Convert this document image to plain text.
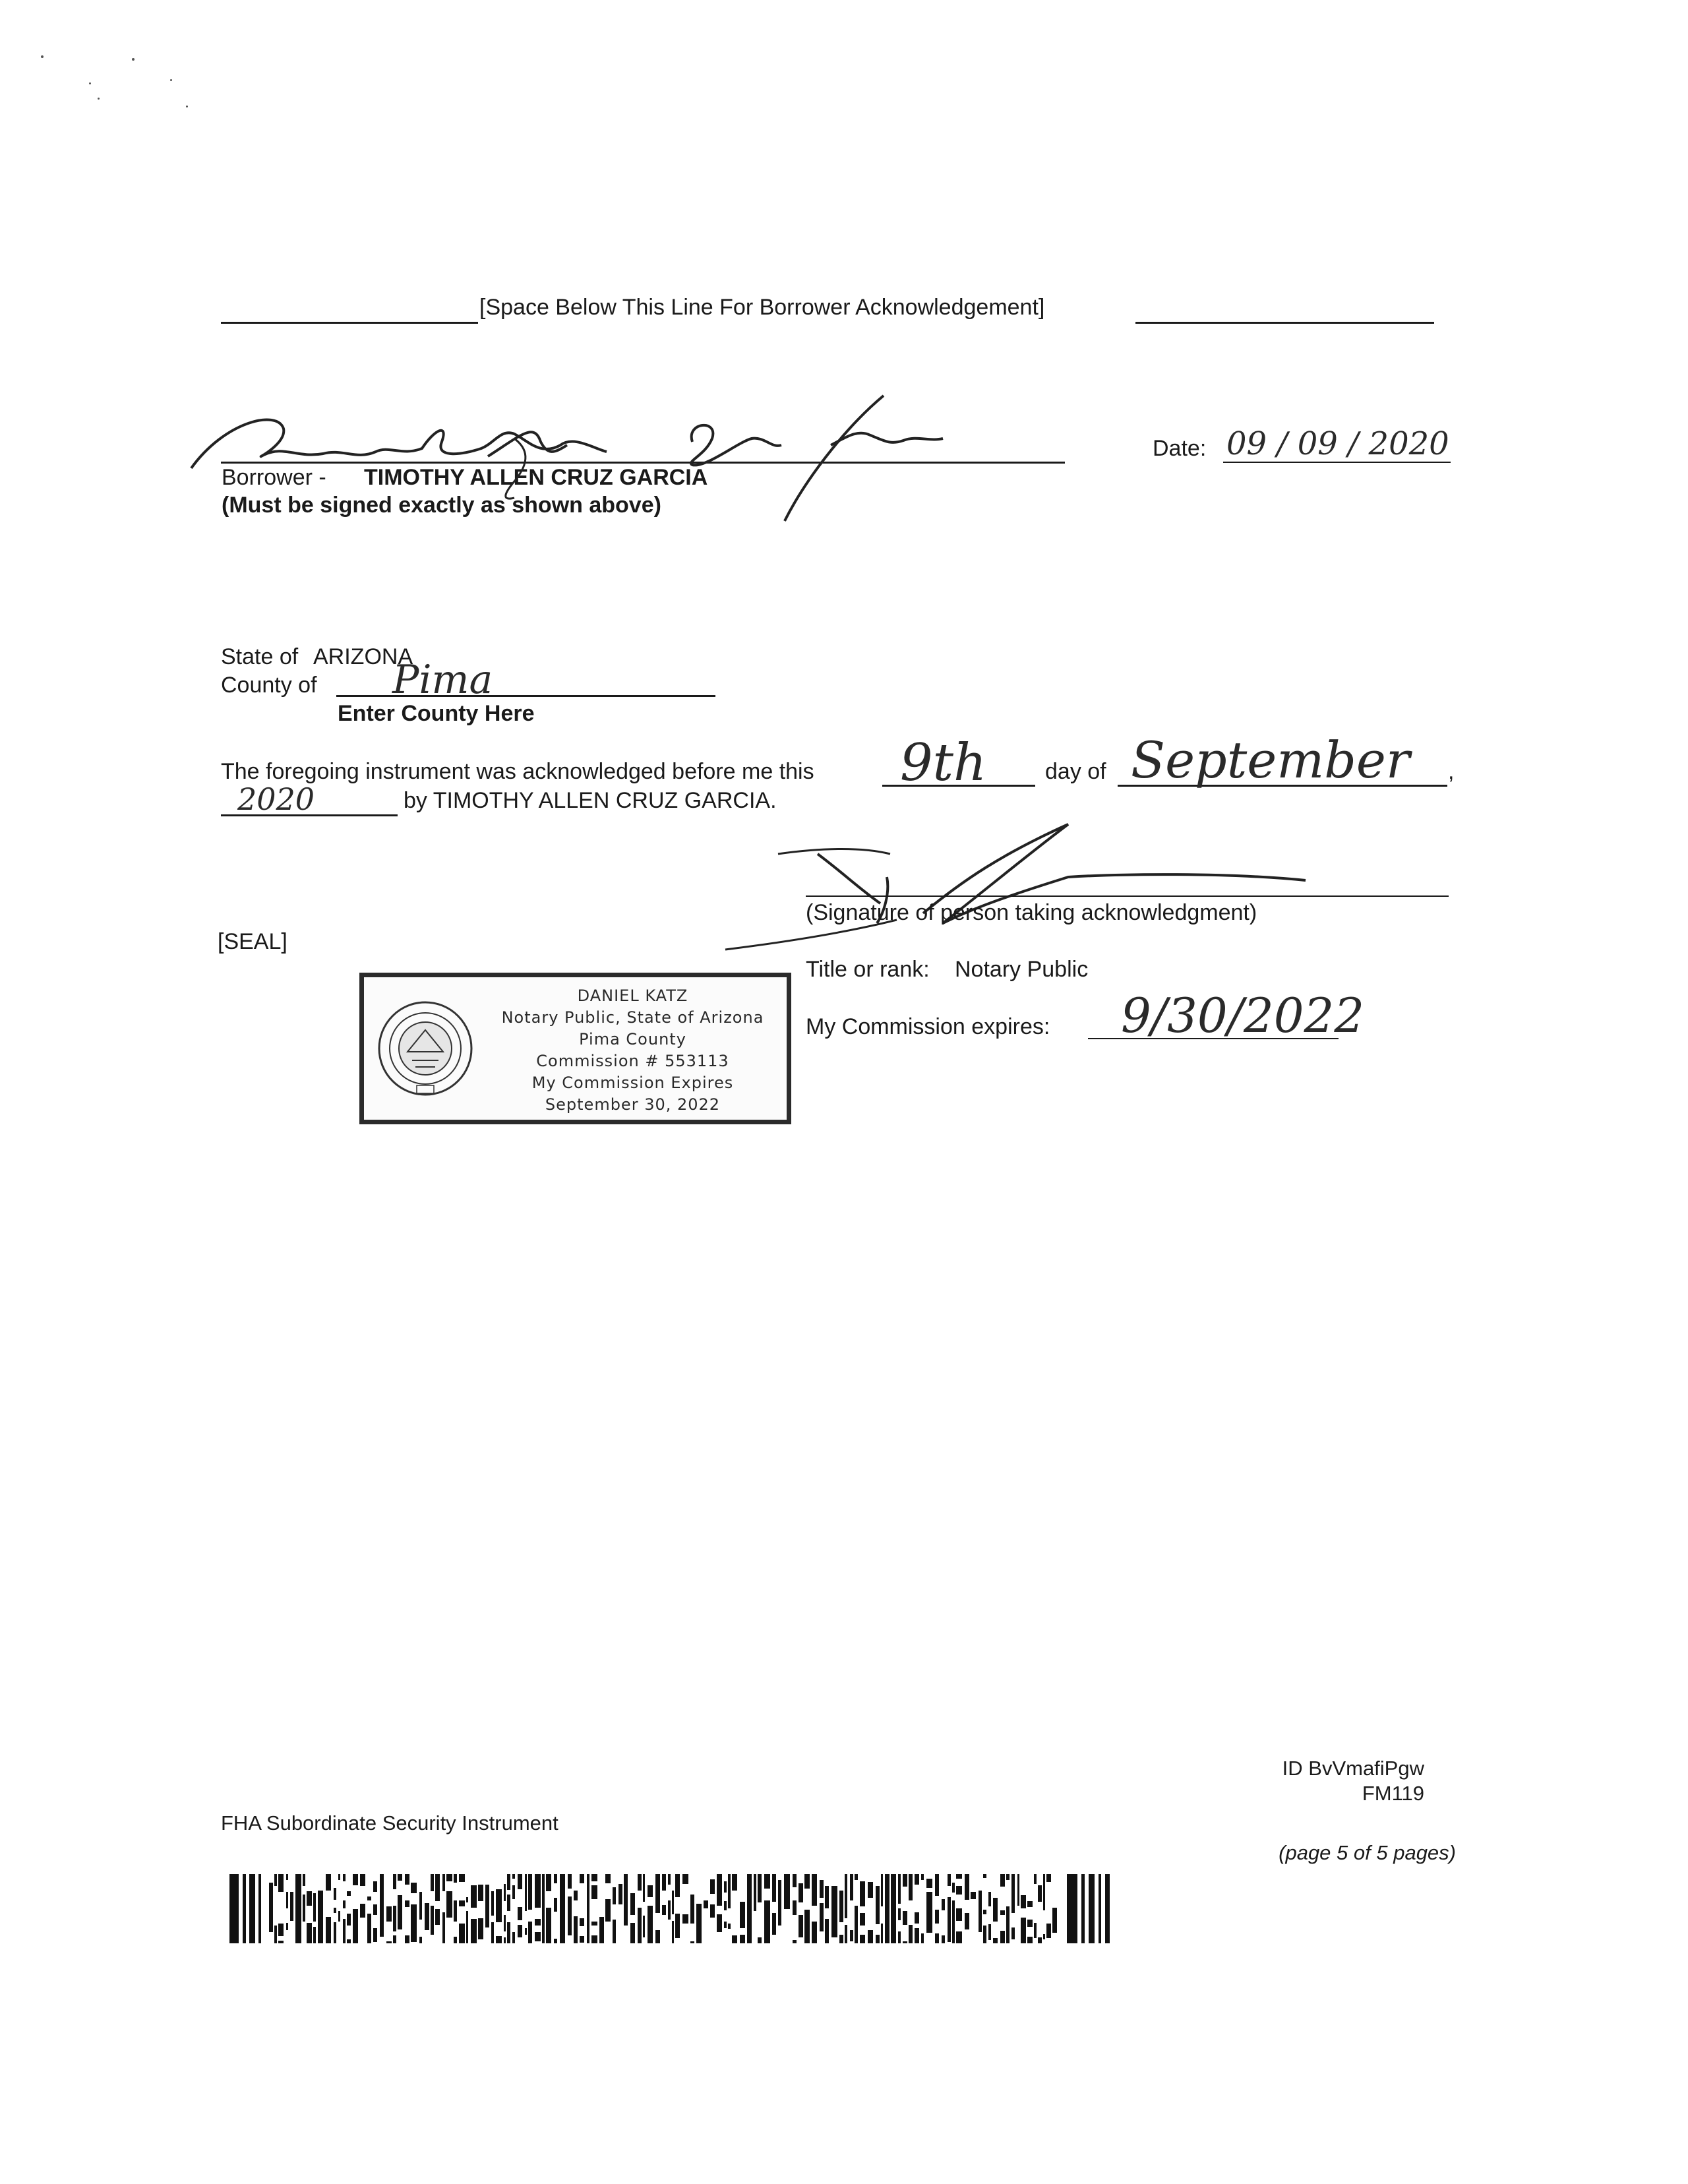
[Space Below This Line For Borrower Acknowledgement]
Borrower - TIMOTHY ALLEN CRUZ GARCIA
(Must be signed exactly as shown above)
Date: 09 / 09 / 2020
State of ARIZONA
County of Pima
Enter County Here
The foregoing instrument was acknowledged before me this 9th	day of September ,
2020	by TIMOTHY ALLEN CRUZ GARCIA.
(Signature of person taking acknowledgment)
[SEAL]
Title or rank: Notary Public
My Commission expires: 9/30/2022
DANIEL KATZ
Notary Public, State of Arizona
Pima County
Commission # 553113
My Commission Expires
September 30, 2022
ID BvVmafiPgw
FM119
FHA Subordinate Security Instrument
(page 5 of 5 pages)
